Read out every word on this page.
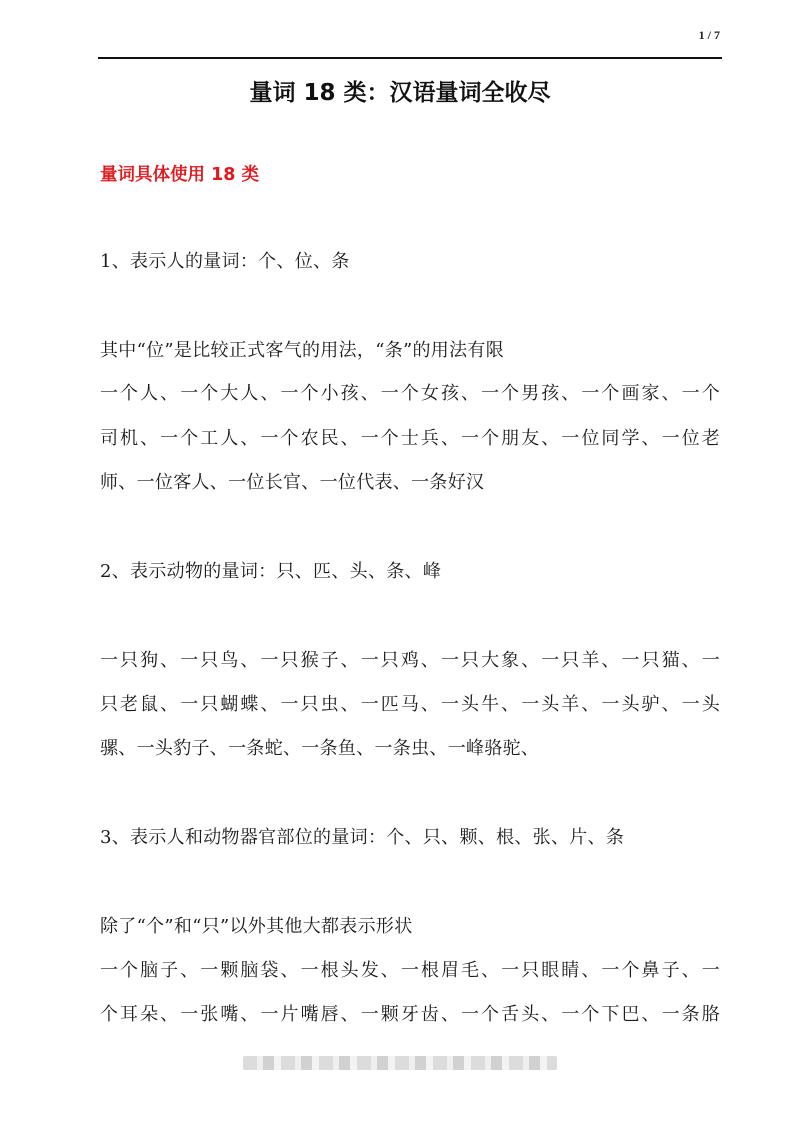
1 / 7
量词 18 类：汉语量词全收尽
量词具体使用 18 类
1、表示人的量词：个、位、条
其中“位”是比较正式客气的用法，“条”的用法有限
一个人、一个大人、一个小孩、一个女孩、一个男孩、一个画家、一个
司机、一个工人、一个农民、一个士兵、一个朋友、一位同学、一位老
师、一位客人、一位长官、一位代表、一条好汉
2、表示动物的量词：只、匹、头、条、峰
一只狗、一只鸟、一只猴子、一只鸡、一只大象、一只羊、一只猫、一
只老鼠、一只蝴蝶、一只虫、一匹马、一头牛、一头羊、一头驴、一头
骡、一头豹子、一条蛇、一条鱼、一条虫、一峰骆驼、
3、表示人和动物器官部位的量词：个、只、颗、根、张、片、条
除了“个”和“只”以外其他大都表示形状
一个脑子、一颗脑袋、一根头发、一根眉毛、一只眼睛、一个鼻子、一
个耳朵、一张嘴、一片嘴唇、一颗牙齿、一个舌头、一个下巴、一条胳
